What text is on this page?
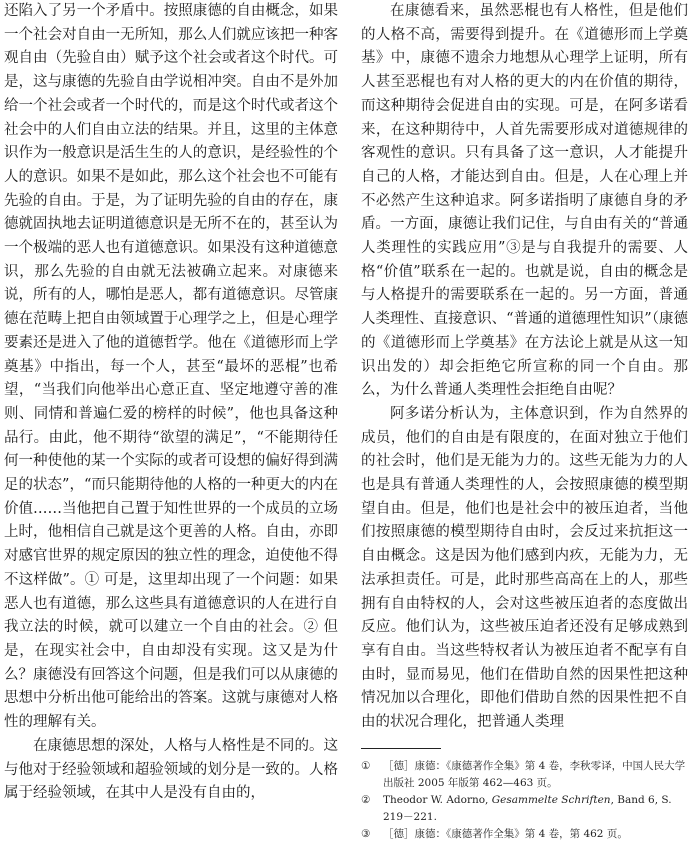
还陷入了另一个矛盾中。按照康德的自由概念，如果一个社会对自由一无所知，那么人们就应该把一种客观自由（先验自由）赋予这个社会或者这个时代。可是，这与康德的先验自由学说相冲突。自由不是外加给一个社会或者一个时代的，而是这个时代或者这个社会中的人们自由立法的结果。并且，这里的主体意识作为一般意识是活生生的人的意识，是经验性的个人的意识。如果不是如此，那么这个社会也不可能有先验的自由。于是，为了证明先验的自由的存在，康德就固执地去证明道德意识是无所不在的，甚至认为一个极端的恶人也有道德意识。如果没有这种道德意识，那么先验的自由就无法被确立起来。对康德来说，所有的人，哪怕是恶人，都有道德意识。尽管康德在范畴上把自由领域置于心理学之上，但是心理学要素还是进入了他的道德哲学。他在《道德形而上学奠基》中指出，每一个人，甚至“最坏的恶棍”也希望，“当我们向他举出心意正直、坚定地遵守善的准则、同情和普遍仁爱的榜样的时候”，他也具备这种品行。由此，他不期待“欲望的满足”，“不能期待任何一种使他的某一个实际的或者可设想的偏好得到满足的状态”，“而只能期待他的人格的一种更大的内在价值……当他把自己置于知性世界的一个成员的立场上时，他相信自己就是这个更善的人格。自由，亦即对感官世界的规定原因的独立性的理念，迫使他不得不这样做”。① 可是，这里却出现了一个问题：如果恶人也有道德，那么这些具有道德意识的人在进行自我立法的时候，就可以建立一个自由的社会。② 但是，在现实社会中，自由却没有实现。这又是为什么？康德没有回答这个问题，但是我们可以从康德的思想中分析出他可能给出的答案。这就与康德对人格性的理解有关。

在康德思想的深处，人格与人格性是不同的。这与他对于经验领域和超验领域的划分是一致的。人格属于经验领域，在其中人是没有自由的，

在康德看来，虽然恶棍也有人格性，但是他们的人格不高，需要得到提升。在《道德形而上学奠基》中，康德不遗余力地想从心理学上证明，所有人甚至恶棍也有对人格的更大的内在价值的期待，而这种期待会促进自由的实现。可是，在阿多诺看来，在这种期待中，人首先需要形成对道德规律的客观性的意识。只有具备了这一意识，人才能提升自己的人格，才能达到自由。但是，人在心理上并不必然产生这种追求。阿多诺指明了康德自身的矛盾。一方面，康德让我们记住，与自由有关的“普通人类理性的实践应用”③是与自我提升的需要、人格“价值”联系在一起的。也就是说，自由的概念是与人格提升的需要联系在一起的。另一方面，普通人类理性、直接意识、“普通的道德理性知识”（康德的《道德形而上学奠基》在方法论上就是从这一知识出发的）却会拒绝它所宣称的同一个自由。那么，为什么普通人类理性会拒绝自由呢？

阿多诺分析认为，主体意识到，作为自然界的成员，他们的自由是有限度的，在面对独立于他们的社会时，他们是无能为力的。这些无能为力的人也是具有普通人类理性的人，会按照康德的模型期望自由。但是，他们也是社会中的被压迫者，当他们按照康德的模型期待自由时，会反过来抗拒这一自由概念。这是因为他们感到内疚，无能为力，无法承担责任。可是，此时那些高高在上的人，那些拥有自由特权的人，会对这些被压迫者的态度做出反应。他们认为，这些被压迫者还没有足够成熟到享有自由。当这些特权者认为被压迫者不配享有自由时，显而易见，他们在借助自然的因果性把这种情况加以合理化，即他们借助自然的因果性把不自由的状况合理化，把普通人类理

①	［德］康德：《康德著作全集》第 4 卷，李秋零译，中国人民大学出版社 2005 年版第 462—463 页。
②	Theodor W. Adorno, Gesammelte Schriften, Band 6, S. 219－221.
③	［德］康德：《康德著作全集》第 4 卷，第 462 页。
